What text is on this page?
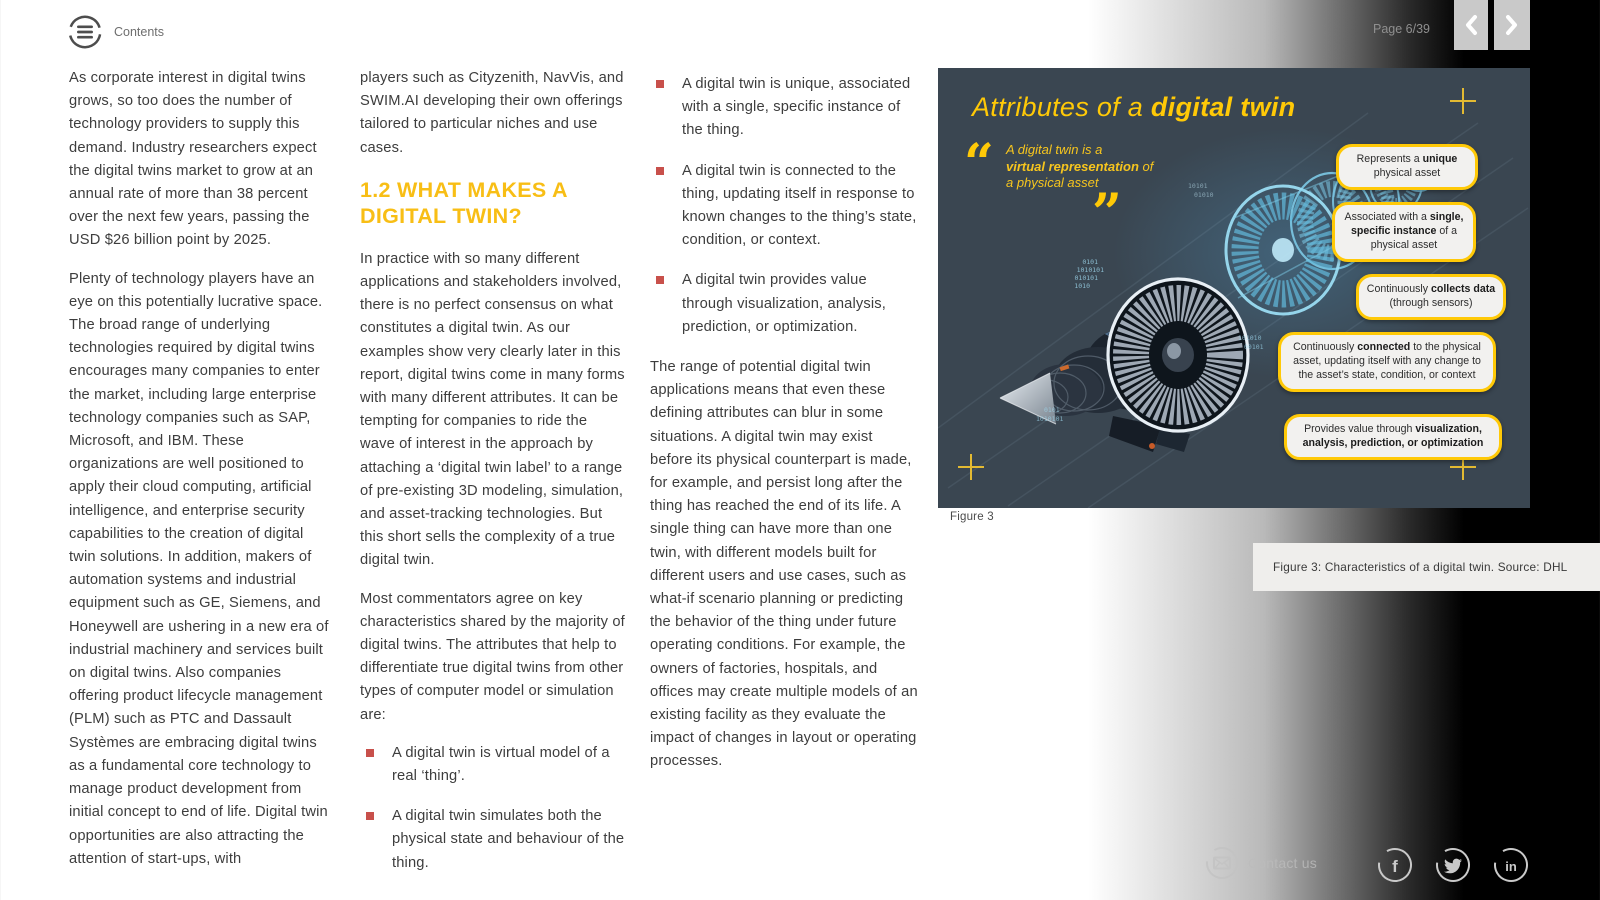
Contents	Page 6/39

As corporate interest in digital twins grows, so too does the number of technology providers to supply this demand. Industry researchers expect the digital twins market to grow at an annual rate of more than 38 percent over the next few years, passing the USD $26 billion point by 2025.

Plenty of technology players have an eye on this potentially lucrative space. The broad range of underlying technologies required by digital twins encourages many companies to enter the market, including large enterprise technology companies such as SAP, Microsoft, and IBM. These organizations are well positioned to apply their cloud computing, artificial intelligence, and enterprise security capabilities to the creation of digital twin solutions. In addition, makers of automation systems and industrial equipment such as GE, Siemens, and Honeywell are ushering in a new era of industrial machinery and services built on digital twins. Also companies offering product lifecycle management (PLM) such as PTC and Dassault Systèmes are embracing digital twins as a fundamental core technology to manage product development from initial concept to end of life. Digital twin opportunities are also attracting the attention of start-ups, with

players such as Cityzenith, NavVis, and SWIM.AI developing their own offerings tailored to particular niches and use cases.

1.2 WHAT MAKES A DIGITAL TWIN?

In practice with so many different applications and stakeholders involved, there is no perfect consensus on what constitutes a digital twin. As our examples show very clearly later in this report, digital twins come in many forms with many different attributes. It can be tempting for companies to ride the wave of interest in the approach by attaching a ‘digital twin label’ to a range of pre-existing 3D modeling, simulation, and asset-tracking technologies. But this short sells the complexity of a true digital twin.

Most commentators agree on key characteristics shared by the majority of digital twins. The attributes that help to differentiate true digital twins from other types of computer model or simulation are:

A digital twin is virtual model of a real ‘thing’.

A digital twin simulates both the physical state and behaviour of the thing.

A digital twin is unique, associated with a single, specific instance of the thing.

A digital twin is connected to the thing, updating itself in response to known changes to the thing’s state, condition, or context.

A digital twin provides value through visualization, analysis, prediction, or optimization.

The range of potential digital twin applications means that even these defining attributes can blur in some situations. A digital twin may exist before its physical counterpart is made, for example, and persist long after the thing has reached the end of its life. A single thing can have more than one twin, with different models built for different users and use cases, such as what-if scenario planning or predicting the behavior of the thing under future operating conditions. For example, the owners of factories, hospitals, and offices may create multiple models of an existing facility as they evaluate the impact of changes in layout or operating processes.

0101
1010101
010101
1010
0101
1010101
101010
00101
10101
01010
Attributes of a digital twin
“ A digital twin is a
virtual representation of
a physical asset
”
Represents a unique physical asset
Associated with a single, specific instance of a physical asset
Continuously collects data (through sensors)
Continuously connected to the physical asset, updating itself with any change to the asset’s state, condition, or context
Provides value through visualization, analysis, prediction, or optimization
Figure 3
Figure 3: Characteristics of a digital twin. Source: DHL
Contact us	f	in
